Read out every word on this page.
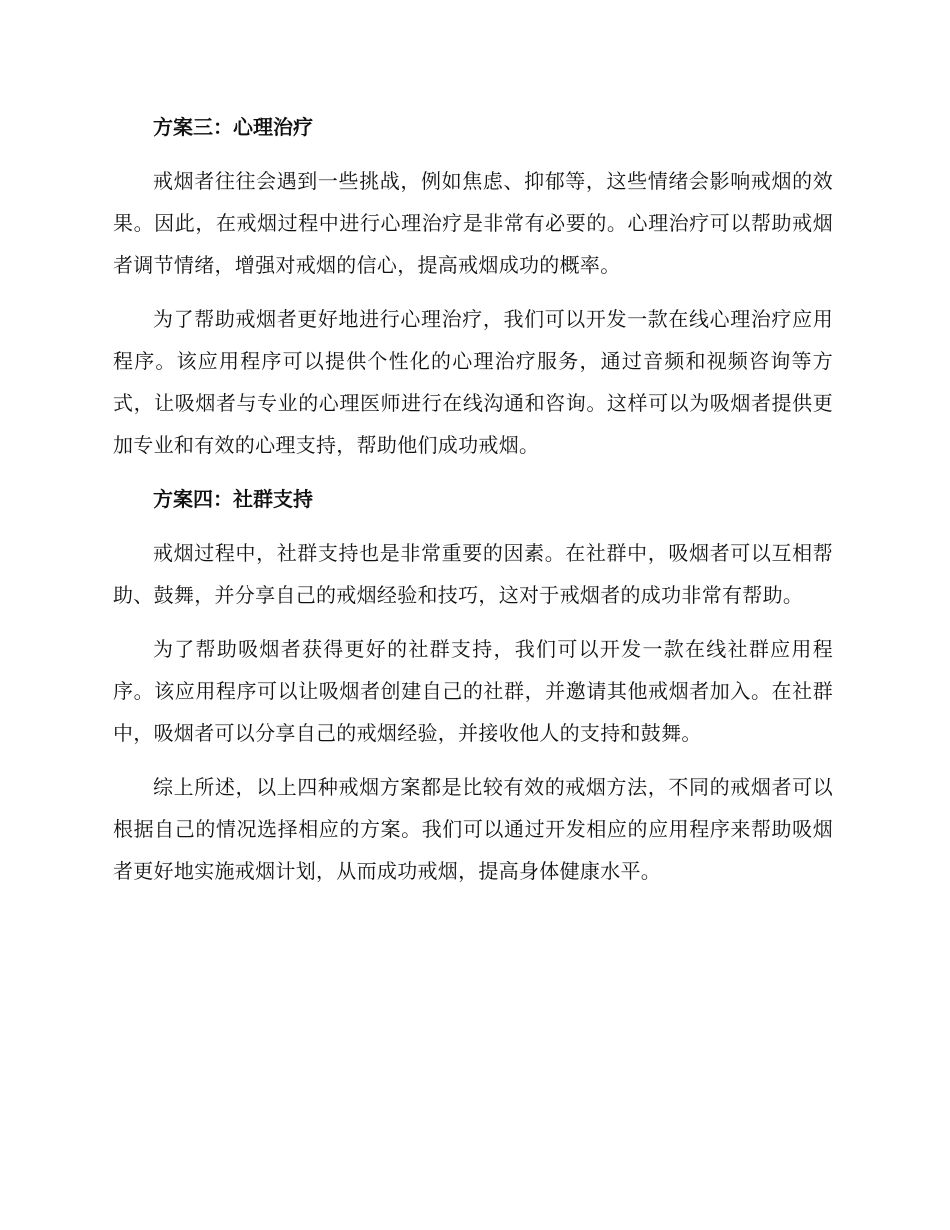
方案三：心理治疗

戒烟者往往会遇到一些挑战，例如焦虑、抑郁等，这些情绪会影响戒烟的效果。因此，在戒烟过程中进行心理治疗是非常有必要的。心理治疗可以帮助戒烟者调节情绪，增强对戒烟的信心，提高戒烟成功的概率。

为了帮助戒烟者更好地进行心理治疗，我们可以开发一款在线心理治疗应用程序。该应用程序可以提供个性化的心理治疗服务，通过音频和视频咨询等方式，让吸烟者与专业的心理医师进行在线沟通和咨询。这样可以为吸烟者提供更加专业和有效的心理支持，帮助他们成功戒烟。

方案四：社群支持

戒烟过程中，社群支持也是非常重要的因素。在社群中，吸烟者可以互相帮助、鼓舞，并分享自己的戒烟经验和技巧，这对于戒烟者的成功非常有帮助。

为了帮助吸烟者获得更好的社群支持，我们可以开发一款在线社群应用程序。该应用程序可以让吸烟者创建自己的社群，并邀请其他戒烟者加入。在社群中，吸烟者可以分享自己的戒烟经验，并接收他人的支持和鼓舞。

综上所述，以上四种戒烟方案都是比较有效的戒烟方法，不同的戒烟者可以根据自己的情况选择相应的方案。我们可以通过开发相应的应用程序来帮助吸烟者更好地实施戒烟计划，从而成功戒烟，提高身体健康水平。
